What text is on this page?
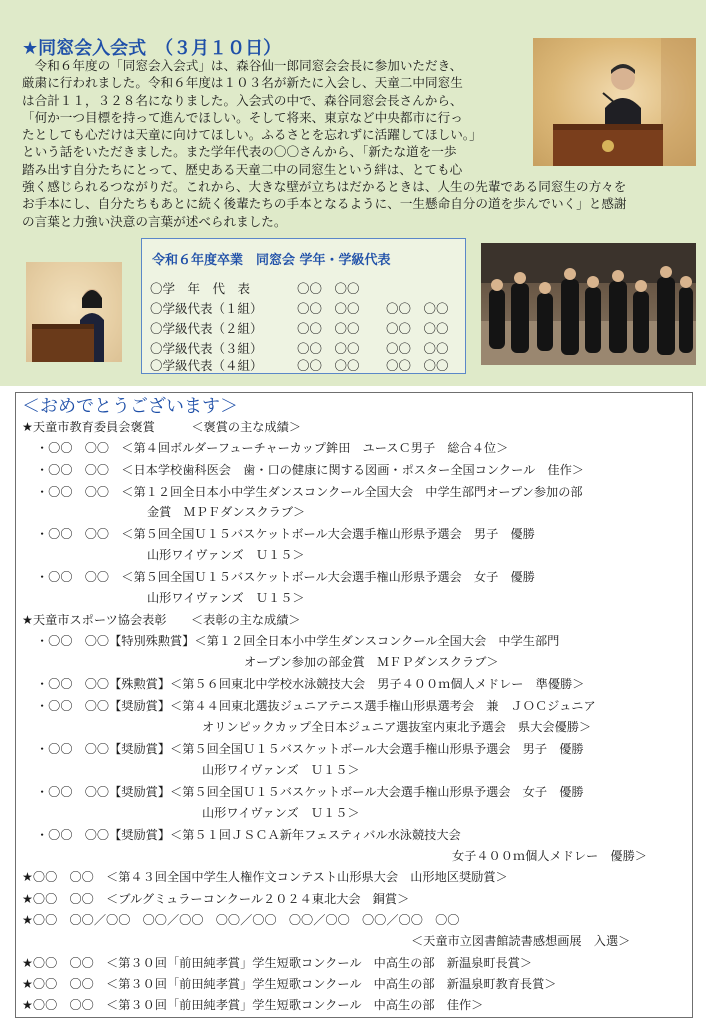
★同窓会入会式　（３月１０日）
　令和６年度の「同窓会入会式」は、森谷仙一郎同窓会会長に参加いただき、
厳粛に行われました。令和６年度は１０３名が新たに入会し、天童二中同窓生
は合計１１，３２８名になりました。入会式の中で、森谷同窓会長さんから、
「何か一つ目標を持って進んでほしい。そして将来、東京など中央都市に行っ
たとしても心だけは天童に向けてほしい。ふるさとを忘れずに活躍してほしい。」
という話をいただきました。また学年代表の〇〇さんから、「新たな道を一歩
踏み出す自分たちにとって、歴史ある天童二中の同窓生という絆は、とても心
強く感じられるつながりだ。これから、大きな壁が立ちはだかるときは、人生の先輩である同窓生の方々を
お手本にし、自分たちもあとに続く後輩たちの手本となるように、一生懸命自分の道を歩んでいく」と感謝
の言葉と力強い決意の言葉が述べられました。
令和６年度卒業　同窓会 学年・学級代表
〇学　年　代　表	〇〇　〇〇
〇学級代表（１組）	〇〇　〇〇 〇〇　〇〇
〇学級代表（２組）	〇〇　〇〇 〇〇　〇〇
〇学級代表（３組）	〇〇　〇〇 〇〇　〇〇
〇学級代表（４組）	〇〇　〇〇 〇〇　〇〇
＜おめでとうございます＞
★天童市教育委員会褒賞　　　＜褒賞の主な成績＞
・〇〇　〇〇　＜第４回ボルダーフューチャーカップ鉾田　ユースＣ男子　総合４位＞
・〇〇　〇〇　＜日本学校歯科医会　歯・口の健康に関する図画・ポスター全国コンクール　佳作＞
・〇〇　〇〇　＜第１２回全日本小中学生ダンスコンクール全国大会　中学生部門オープン参加の部
金賞　ＭＰＦダンスクラブ＞
・〇〇　〇〇　＜第５回全国Ｕ１５バスケットボール大会選手権山形県予選会　男子　優勝
山形ワイヴァンズ　Ｕ１５＞
・〇〇　〇〇　＜第５回全国Ｕ１５バスケットボール大会選手権山形県予選会　女子　優勝
山形ワイヴァンズ　Ｕ１５＞
★天童市スポーツ協会表彰　　＜表彰の主な成績＞
・〇〇　〇〇【特別殊勲賞】＜第１２回全日本小中学生ダンスコンクール全国大会　中学生部門
オープン参加の部金賞　ＭＦＰダンスクラブ＞
・〇〇　〇〇【殊勲賞】＜第５６回東北中学校水泳競技大会　男子４００ｍ個人メドレー　準優勝＞
・〇〇　〇〇【奨励賞】＜第４４回東北選抜ジュニアテニス選手権山形県選考会　兼　ＪＯＣジュニア
オリンピックカップ全日本ジュニア選抜室内東北予選会　県大会優勝＞
・〇〇　〇〇【奨励賞】＜第５回全国Ｕ１５バスケットボール大会選手権山形県予選会　男子　優勝
山形ワイヴァンズ　Ｕ１５＞
・〇〇　〇〇【奨励賞】＜第５回全国Ｕ１５バスケットボール大会選手権山形県予選会　女子　優勝
山形ワイヴァンズ　Ｕ１５＞
・〇〇　〇〇【奨励賞】＜第５１回ＪＳＣＡ新年フェスティバル水泳競技大会
女子４００ｍ個人メドレー　優勝＞
★〇〇　〇〇　＜第４３回全国中学生人権作文コンテスト山形県大会　山形地区奨励賞＞
★〇〇　〇〇　＜ブルグミュラーコンクール２０２４東北大会　銅賞＞
★〇〇　〇〇／〇〇　〇〇／〇〇　〇〇／〇〇　〇〇／〇〇　〇〇／〇〇　〇〇
＜天童市立図書館読書感想画展　入選＞
★〇〇　〇〇　＜第３０回「前田純孝賞」学生短歌コンクール　中高生の部　新温泉町長賞＞
★〇〇　〇〇　＜第３０回「前田純孝賞」学生短歌コンクール　中高生の部　新温泉町教育長賞＞
★〇〇　〇〇　＜第３０回「前田純孝賞」学生短歌コンクール　中高生の部　佳作＞
